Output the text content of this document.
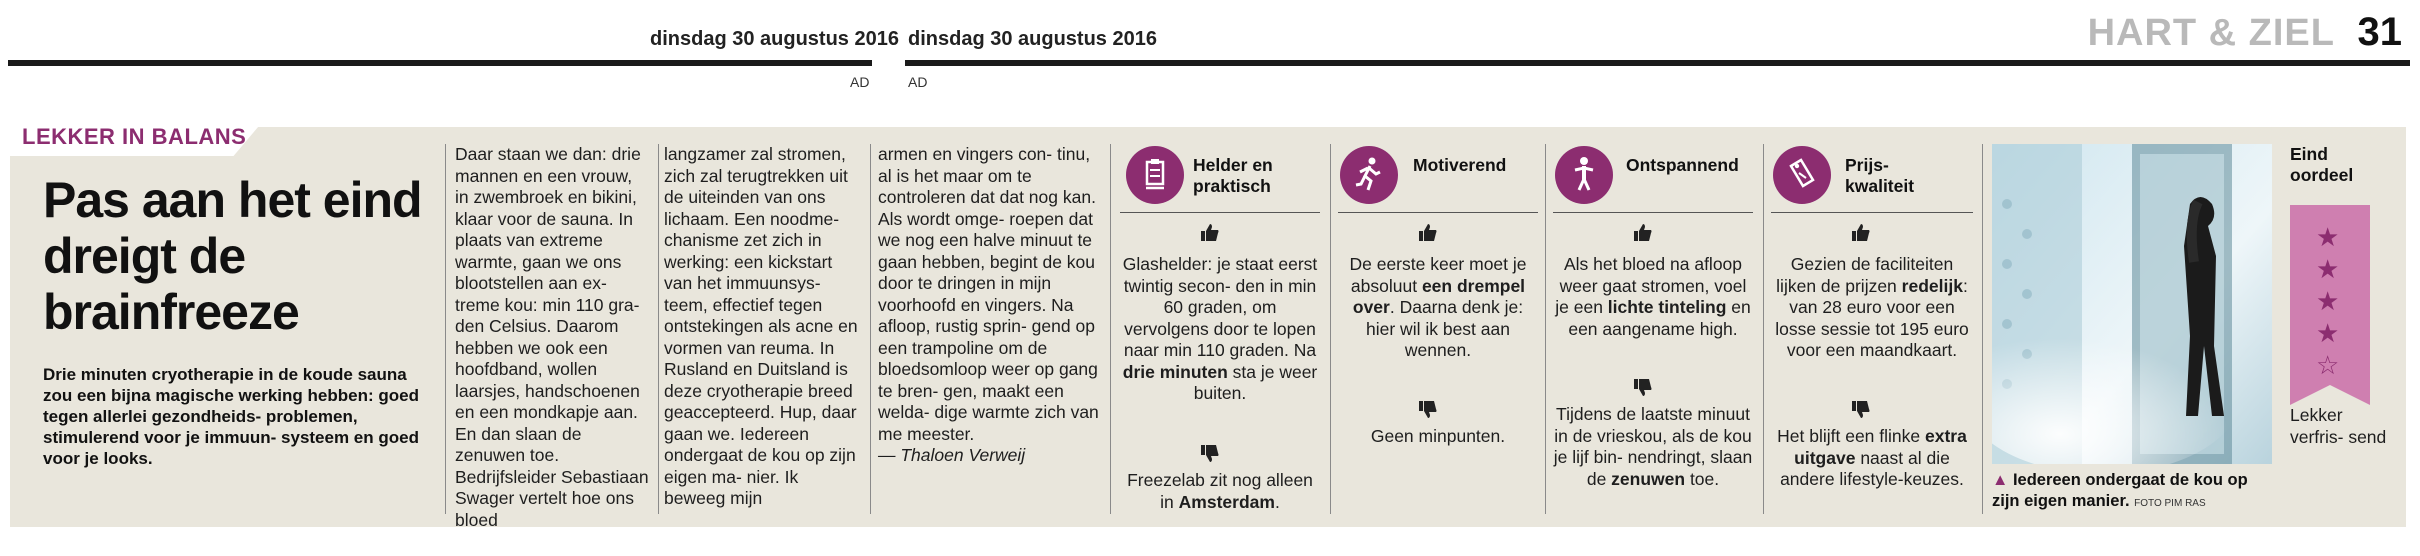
dinsdag 30 augustus 2016 dinsdag 30 augustus 2016
AD	AD
HART & ZIEL 31
LEKKER IN BALANS
Pas aan het eind dreigt de brainfreeze
Drie minuten cryotherapie in de koude sauna zou een bijna magische werking hebben: goed tegen allerlei gezondheids- problemen, stimulerend voor je immuun- systeem en goed voor je looks.

Daar staan we dan: drie mannen en een vrouw, in zwembroek en bikini, klaar voor de sauna. In plaats van extreme warmte, gaan we ons blootstellen aan ex- treme kou: min 110 gra- den Celsius. Daarom hebben we ook een hoofdband, wollen laarsjes, handschoenen en een mondkapje aan. En dan slaan de zenuwen toe. Bedrijfsleider Sebastiaan Swager vertelt hoe ons bloed

langzamer zal stromen, zich zal terugtrekken uit de uiteinden van ons lichaam. Een noodme- chanisme zet zich in werking: een kickstart van het immuunsys- teem, effectief tegen ontstekingen als acne en vormen van reuma. In Rusland en Duitsland is deze cryotherapie breed geaccepteerd. Hup, daar gaan we. Iedereen ondergaat de kou op zijn eigen ma- nier. Ik beweeg mijn

armen en vingers con- tinu, al is het maar om te controleren dat dat nog kan. Als wordt omge- roepen dat we nog een halve minuut te gaan hebben, begint de kou door te dringen in mijn voorhoofd en vingers. Na afloop, rustig sprin- gend op een trampoline om de bloedsomloop weer op gang te bren- gen, maakt een welda- dige warmte zich van me meester.

— Thaloen Verweij

Helder en praktisch
Glashelder: je staat eerst twintig secon- den in min 60 graden, om vervolgens door te lopen naar min 110 graden. Na drie minuten sta je weer buiten.
Freezelab zit nog alleen in Amsterdam.
Motiverend
De eerste keer moet je absoluut een drempel over. Daarna denk je: hier wil ik best aan wennen.
Geen minpunten.
Ontspannend
Als het bloed na afloop weer gaat stromen, voel je een lichte tinteling en een aangename high.
Tijdens de laatste minuut in de vrieskou, als de kou je lijf bin- nendringt, slaan de zenuwen toe.
Prijs- kwaliteit
Gezien de faciliteiten lijken de prijzen redelijk: van 28 euro voor een losse sessie tot 195 euro voor een maandkaart.
Het blijft een flinke extra uitgave naast al die andere lifestyle-keuzes.	▲ Iedereen ondergaat de kou op zijn eigen manier. FOTO PIM RAS
Eind oordeel
★
★
★
★
☆
Lekker verfris- send
